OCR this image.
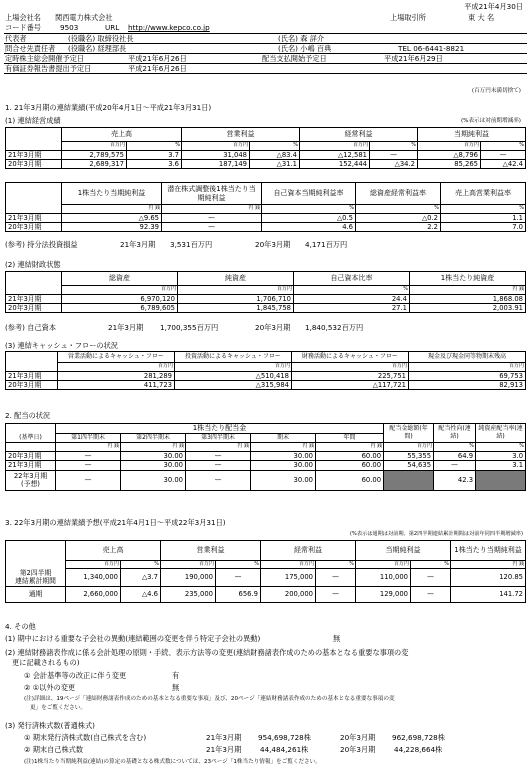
平成21年4月30日
上場会社名 関西電力株式会社	上場取引所	東 大 名
コード番号	9503	URL http://www.kepco.co.jp
代表者	(役職名) 取締役社長	(氏名) 森 詳介
問合せ先責任者 (役職名) 経理部長	(氏名) 小嶋 百典	TEL 06-6441-8821
定時株主総会開催予定日	平成21年6月26日	配当支払開始予定日	平成21年6月29日
有価証券報告書提出予定日	平成21年6月26日
(百万円未満切捨て)
1. 21年3月期の連結業績(平成20年4月1日～平成21年3月31日)
(1) 連結経営成績	(%表示は対前期増減率)
	売上高		営業利益		経常利益		当期純利益	
	百万円	%	百万円	%	百万円	%	百万円	%
21年3月期	2,789,575	3.7	31,048	△83.4	△12,581	—	△8,796	—
20年3月期	2,689,317	3.6	187,149	△31.1	152,444	△34.2	85,265	△42.4
	1株当たり当期純利益	潜在株式調整後1株当たり当期純利益	自己資本当期純利益率	総資産経常利益率	売上高営業利益率
	円 銭	円 銭	%	%	%
21年3月期	△9.65	—	△0.5	△0.2	1.1
20年3月期	92.39	—	4.6	2.2	7.0
(参考) 持分法投資損益	21年3月期 3,531百万円	20年3月期 4,171百万円
(2) 連結財政状態
	総資産	純資産	自己資本比率	1株当たり純資産
	百万円	百万円	%	円 銭
21年3月期	6,970,120	1,706,710	24.4	1,868.08
20年3月期	6,789,605	1,845,758	27.1	2,003.91
(参考) 自己資本	21年3月期 1,700,355百万円	20年3月期 1,840,532百万円
(3) 連結キャッシュ・フローの状況
	営業活動によるキャッシュ・フロー	投資活動によるキャッシュ・フロー	財務活動によるキャッシュ・フロー	現金及び現金同等物期末残高
	百万円	百万円	百万円	百万円
21年3月期	281,289	△510,418	225,751	69,753
20年3月期	411,723	△315,984	△117,721	82,913
2. 配当の状況
	1株当たり配当金					配当金総額(年間)	配当性向(連結)	純資産配当率(連結)
(基準日)	第1四半期末	第2四半期末	第3四半期末	期末	年間			
	円 銭	円 銭	円 銭	円 銭	円 銭	百万円	%	%
20年3月期	—	30.00	—	30.00	60.00	55,355	64.9	3.0
21年3月期	—	30.00	—	30.00	60.00	54,635	—	3.1
22年3月期
(予想)	—	30.00	—	30.00	60.00		42.3	
3. 22年3月期の連結業績予想(平成21年4月1日～平成22年3月31日)
(%表示は通期は対前期、第2四半期連結累計期間は対前年同四半期増減率)
	売上高		営業利益		経常利益		当期純利益		1株当たり当期純利益
	百万円	%	百万円	%	百万円	%	百万円	%	円 銭
第2四半期
連結累計期間	1,340,000	△3.7	190,000	—	175,000	—	110,000	—	120.85
通期	2,660,000	△4.6	235,000	656.9	200,000	—	129,000	—	141.72
4. その他
(1) 期中における重要な子会社の異動(連結範囲の変更を伴う特定子会社の異動)	無
(2) 連結財務諸表作成に係る会計処理の原則・手続、表示方法等の変更(連結財務諸表作成のための基本となる重要な事項の変
更に記載されるもの)
① 会計基準等の改正に伴う変更	有
② ①以外の変更	無
(注)詳細は、19ページ「連結財務諸表作成のための基本となる重要な事項」及び、20ページ「連結財務諸表作成のための基本となる重要な事項の変
更」をご覧ください。
(3) 発行済株式数(普通株式)
① 期末発行済株式数(自己株式を含む)	21年3月期 954,698,728株	20年3月期 962,698,728株
② 期末自己株式数	21年3月期	44,484,261株	20年3月期	44,228,664株
(注)1株当たり当期純利益(連結)の算定の基礎となる株式数については、23ページ「1株当たり情報」をご覧ください。
